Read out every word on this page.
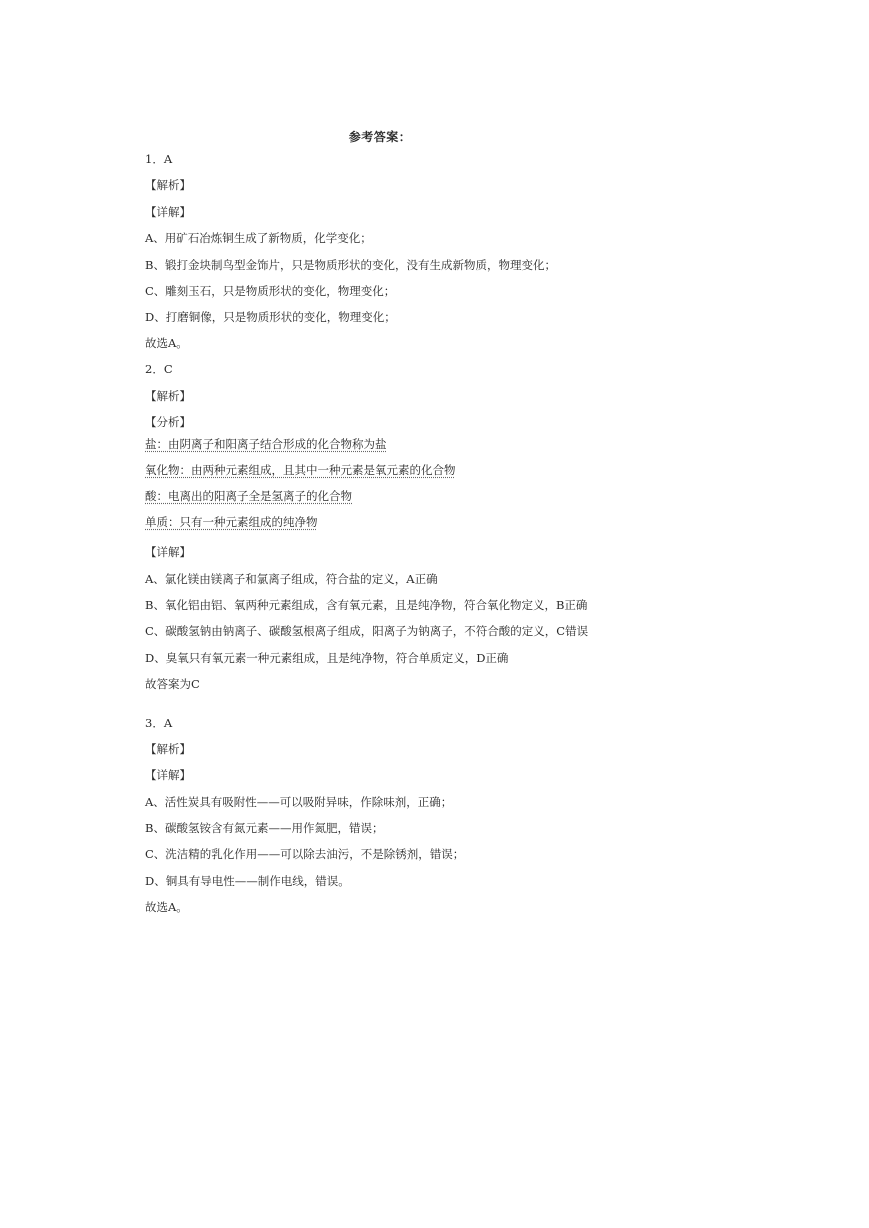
参考答案：
1．A
【解析】
【详解】
A、用矿石冶炼铜生成了新物质，化学变化；
B、锻打金块制鸟型金饰片，只是物质形状的变化，没有生成新物质，物理变化；
C、雕刻玉石，只是物质形状的变化，物理变化；
D、打磨铜像，只是物质形状的变化，物理变化；
故选A。
2．C
【解析】
【分析】
盐：由阴离子和阳离子结合形成的化合物称为盐
氧化物：由两种元素组成，且其中一种元素是氧元素的化合物
酸：电离出的阳离子全是氢离子的化合物
单质：只有一种元素组成的纯净物
【详解】
A、氯化镁由镁离子和氯离子组成，符合盐的定义，A正确
B、氧化铝由铝、氧两种元素组成，含有氧元素，且是纯净物，符合氧化物定义，B正确
C、碳酸氢钠由钠离子、碳酸氢根离子组成，阳离子为钠离子，不符合酸的定义，C错误
D、臭氧只有氧元素一种元素组成，且是纯净物，符合单质定义，D正确
故答案为C
3．A
【解析】
【详解】
A、活性炭具有吸附性——可以吸附异味，作除味剂，正确；
B、碳酸氢铵含有氮元素——用作氮肥，错误；
C、洗洁精的乳化作用——可以除去油污，不是除锈剂，错误；
D、铜具有导电性——制作电线，错误。
故选A。
